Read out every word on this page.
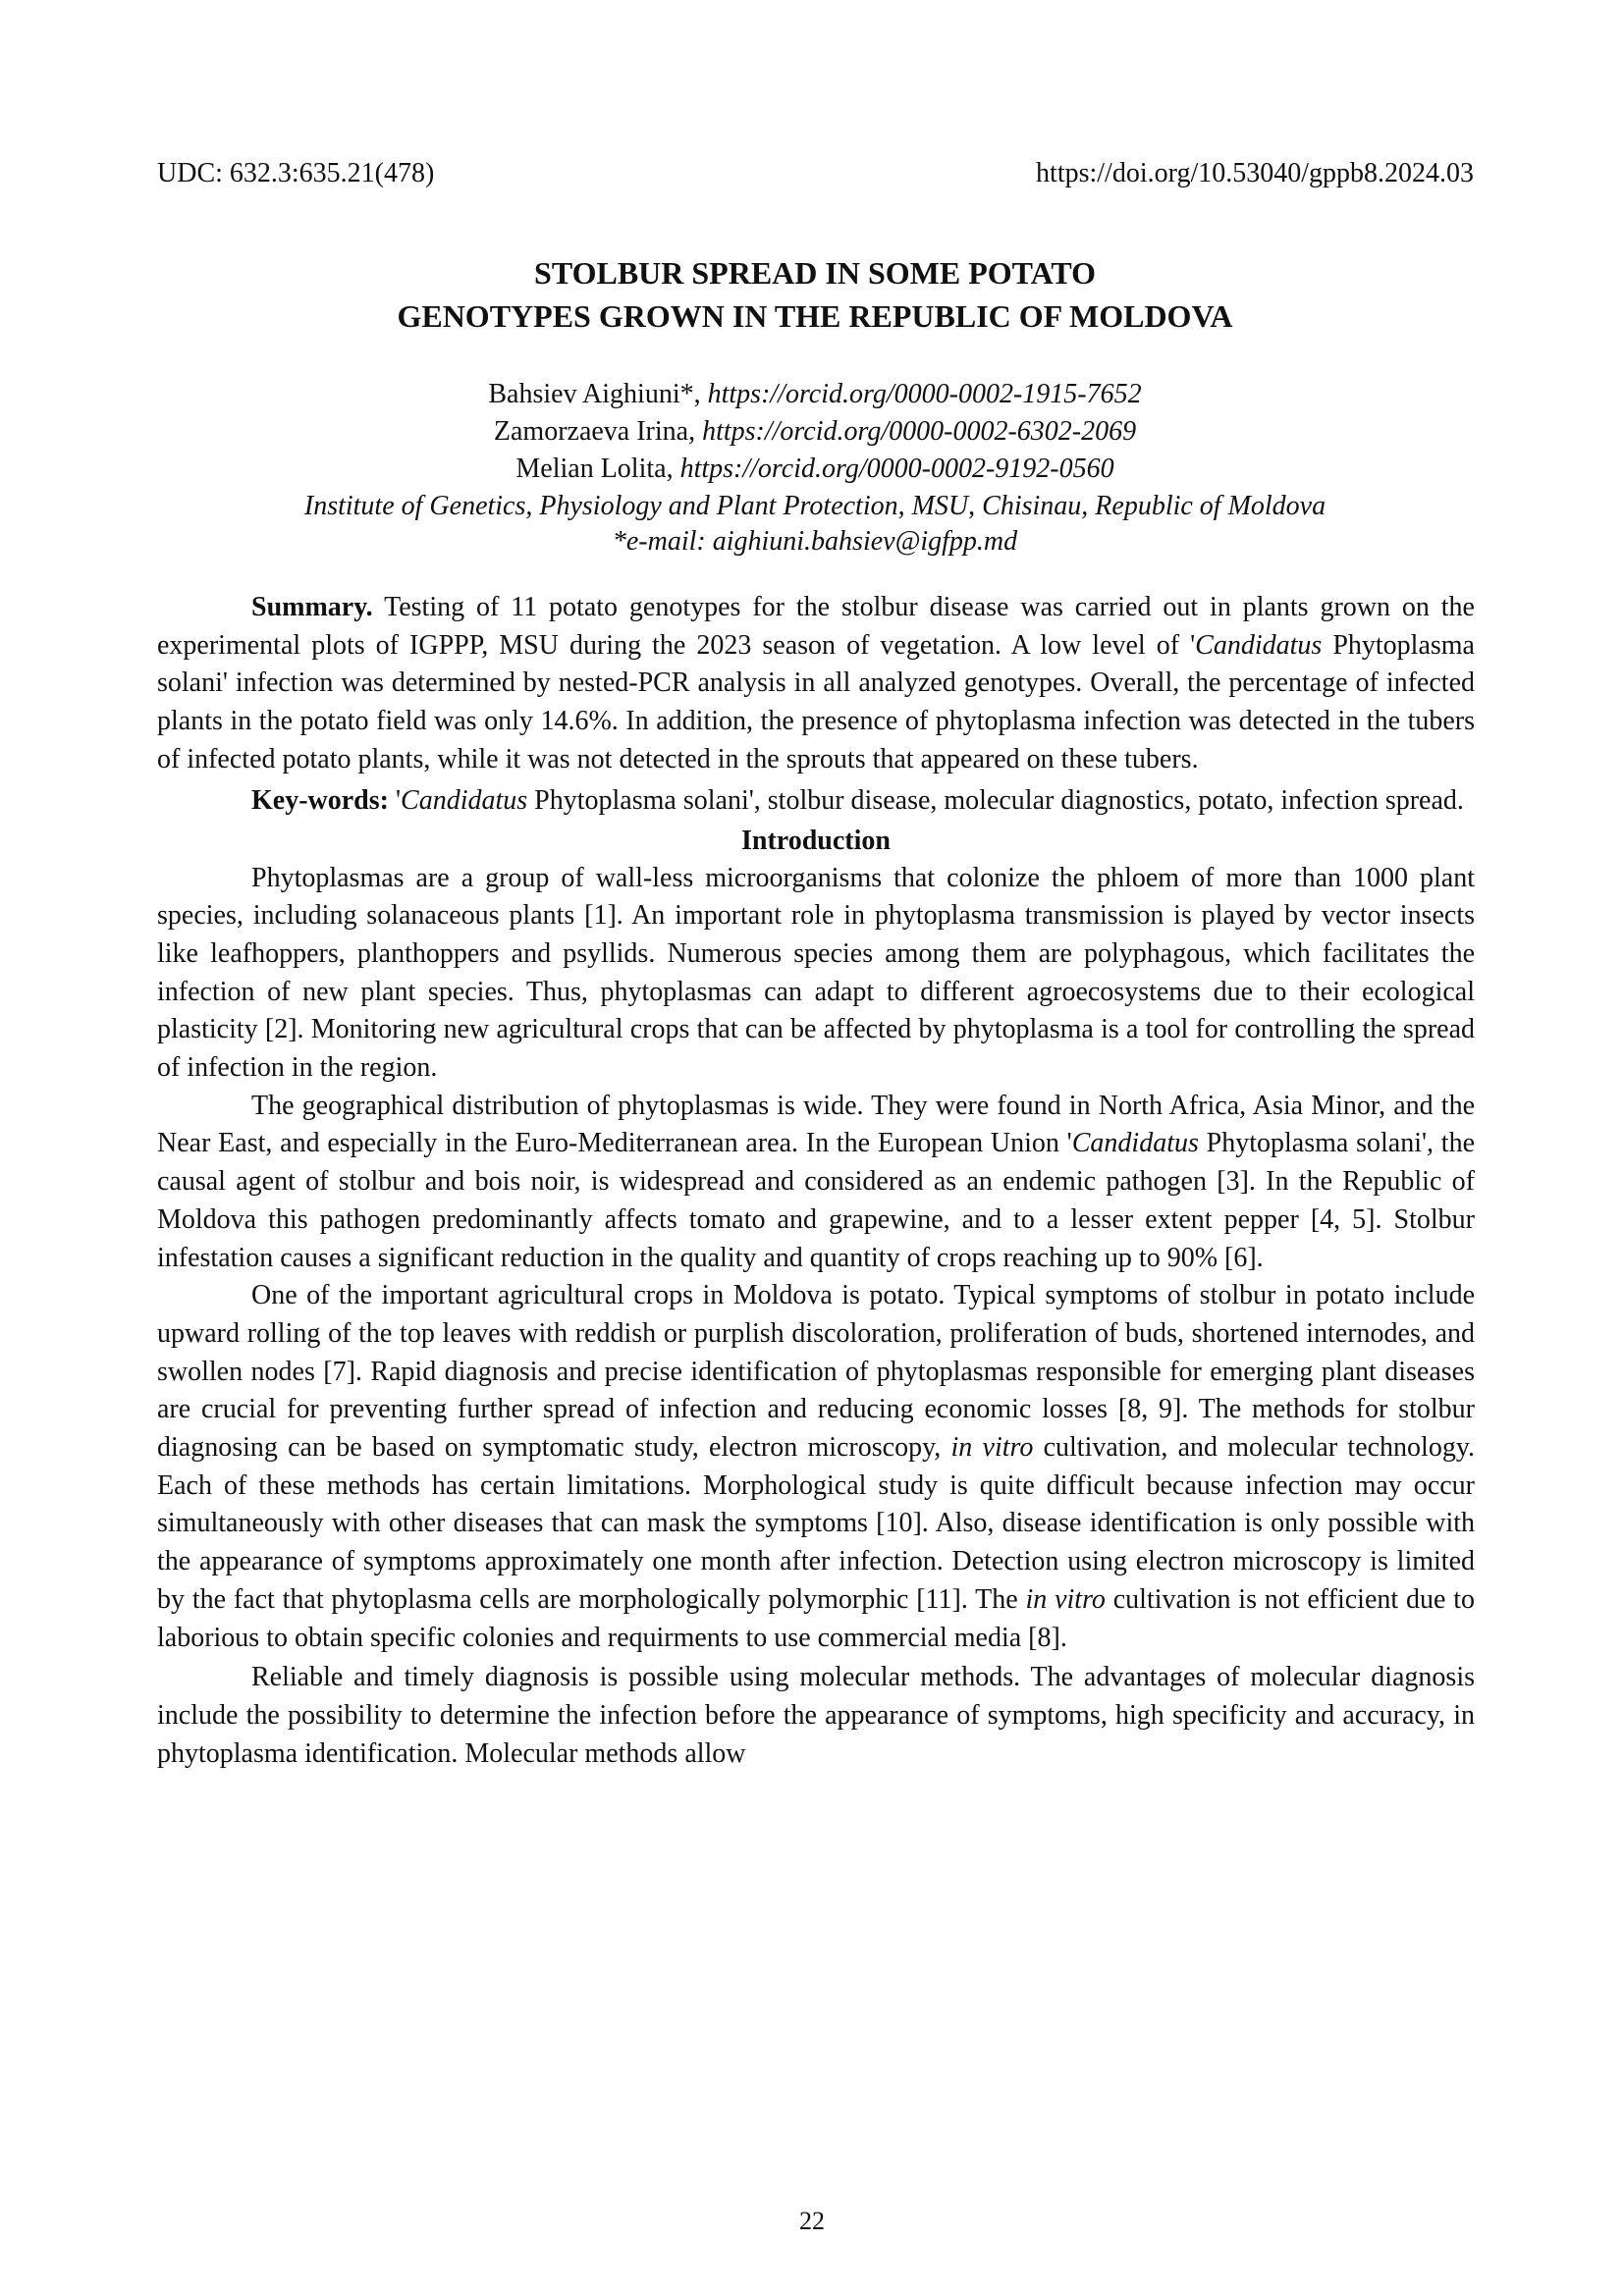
UDC: 632.3:635.21(478)	https://doi.org/10.53040/gppb8.2024.03
STOLBUR SPREAD IN SOME POTATO
GENOTYPES GROWN IN THE REPUBLIC OF MOLDOVA
Bahsiev Aighiuni*, https://orcid.org/0000-0002-1915-7652
Zamorzaeva Irina, https://orcid.org/0000-0002-6302-2069
Melian Lolita, https://orcid.org/0000-0002-9192-0560
Institute of Genetics, Physiology and Plant Protection, MSU, Chisinau, Republic of Moldova
*e-mail: aighiuni.bahsiev@igfpp.md

Summary. Testing of 11 potato genotypes for the stolbur disease was carried out in plants grown on the experimental plots of IGPPP, MSU during the 2023 season of vegetation. A low level of 'Candidatus Phytoplasma solani' infection was determined by nested-PCR analysis in all analyzed genotypes. Overall, the percentage of infected plants in the potato field was only 14.6%. In addition, the presence of phytoplasma infection was detected in the tubers of infected potato plants, while it was not detected in the sprouts that appeared on these tubers.

Key-words: 'Candidatus Phytoplasma solani', stolbur disease, molecular diagnostics, potato, infection spread.

Introduction

Phytoplasmas are a group of wall-less microorganisms that colonize the phloem of more than 1000 plant species, including solanaceous plants [1]. An important role in phytoplasma transmission is played by vector insects like leafhoppers, planthoppers and psyllids. Numerous species among them are polyphagous, which facilitates the infection of new plant species. Thus, phytoplasmas can adapt to different agroecosystems due to their ecological plasticity [2]. Monitoring new agricultural crops that can be affected by phytoplasma is a tool for controlling the spread of infection in the region.

The geographical distribution of phytoplasmas is wide. They were found in North Africa, Asia Minor, and the Near East, and especially in the Euro-Mediterranean area. In the European Union 'Candidatus Phytoplasma solani', the causal agent of stolbur and bois noir, is widespread and considered as an endemic pathogen [3]. In the Republic of Moldova this pathogen predominantly affects tomato and grapewine, and to a lesser extent pepper [4, 5]. Stolbur infestation causes a significant reduction in the quality and quantity of crops reaching up to 90% [6].

One of the important agricultural crops in Moldova is potato. Typical symptoms of stolbur in potato include upward rolling of the top leaves with reddish or purplish discoloration, proliferation of buds, shortened internodes, and swollen nodes [7]. Rapid diagnosis and precise identification of phytoplasmas responsible for emerging plant diseases are crucial for preventing further spread of infection and reducing economic losses [8, 9]. The methods for stolbur diagnosing can be based on symptomatic study, electron microscopy, in vitro cultivation, and molecular technology. Each of these methods has certain limitations. Morphological study is quite difficult because infection may occur simultaneously with other diseases that can mask the symptoms [10]. Also, disease identification is only possible with the appearance of symptoms approximately one month after infection. Detection using electron microscopy is limited by the fact that phytoplasma cells are morphologically polymorphic [11]. The in vitro cultivation is not efficient due to laborious to obtain specific colonies and requirments to use commercial media [8].

Reliable and timely diagnosis is possible using molecular methods. The advantages of molecular diagnosis include the possibility to determine the infection before the appearance of symptoms, high specificity and accuracy, in phytoplasma identification. Molecular methods allow

22
